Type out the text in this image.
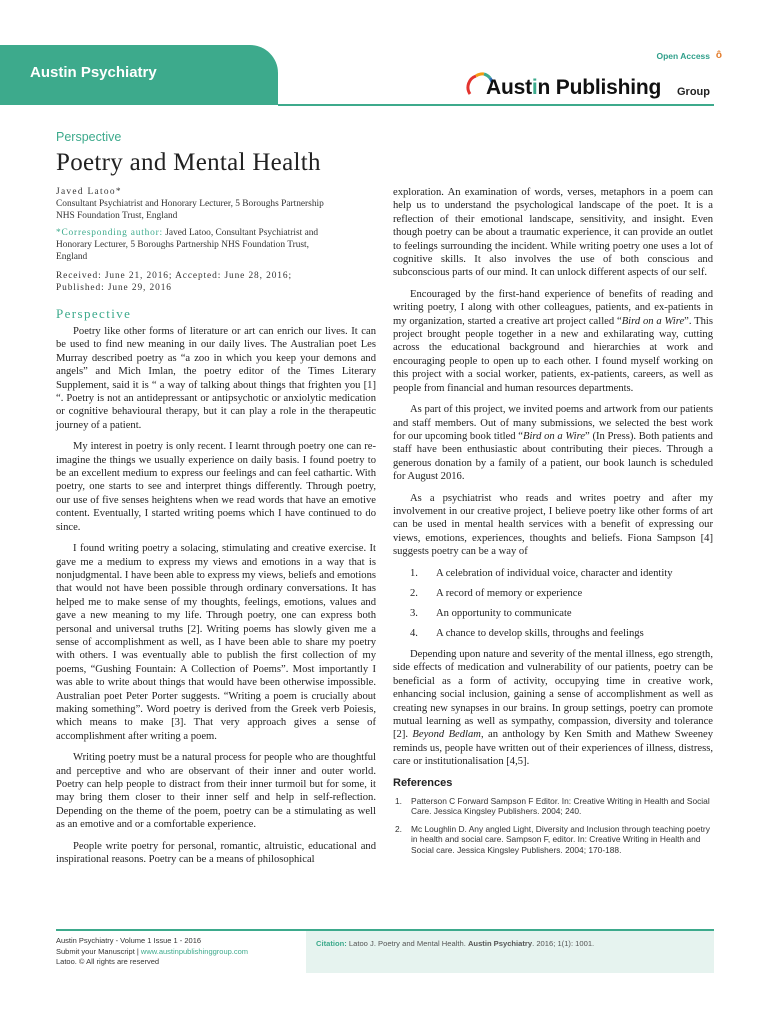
Austin Psychiatry
Open Access ô
Austin Publishing Group
Perspective
Poetry and Mental Health
Javed Latoo*
Consultant Psychiatrist and Honorary Lecturer, 5 Boroughs Partnership NHS Foundation Trust, England
*Corresponding author: Javed Latoo, Consultant Psychiatrist and Honorary Lecturer, 5 Boroughs Partnership NHS Foundation Trust, England
Received: June 21, 2016; Accepted: June 28, 2016; Published: June 29, 2016
Perspective

Poetry like other forms of literature or art can enrich our lives. It can be used to find new meaning in our daily lives. The Australian poet Les Murray described poetry as “a zoo in which you keep your demons and angels” and Mich Imlan, the poetry editor of the Times Literary Supplement, said it is “ a way of talking about things that frighten you [1] “. Poetry is not an antidepressant or antipsychotic or anxiolytic medication or cognitive behavioural therapy, but it can play a role in the therapeutic journey of a patient.

My interest in poetry is only recent. I learnt through poetry one can re-imagine the things we usually experience on daily basis. I found poetry to be an excellent medium to express our feelings and can feel cathartic. With poetry, one starts to see and interpret things differently. Through poetry, our use of five senses heightens when we read words that have an emotive content. Eventually, I started writing poems which I have continued to do since.

I found writing poetry a solacing, stimulating and creative exercise. It gave me a medium to express my views and emotions in a way that is nonjudgmental. I have been able to express my views, beliefs and emotions that would not have been possible through ordinary conversations. It has helped me to make sense of my thoughts, feelings, emotions, values and gave a new meaning to my life. Through poetry, one can express both personal and universal truths [2]. Writing poems has slowly given me a sense of accomplishment as well, as I have been able to share my poetry with others. I was eventually able to publish the first collection of my poems, “Gushing Fountain: A Collection of Poems”. Most importantly I was able to write about things that would have been otherwise impossible. Australian poet Peter Porter suggests. “Writing a poem is crucially about making something”. Word poetry is derived from the Greek verb Poiesis, which means to make [3]. That very approach gives a sense of accomplishment after writing a poem.

Writing poetry must be a natural process for people who are thoughtful and perceptive and who are observant of their inner and outer world. Poetry can help people to distract from their inner turmoil but for some, it may bring them closer to their inner self and help in self-reflection. Depending on the theme of the poem, poetry can be a stimulating as well as an emotive and or a comfortable experience.

People write poetry for personal, romantic, altruistic, educational and inspirational reasons. Poetry can be a means of philosophical

exploration. An examination of words, verses, metaphors in a poem can help us to understand the psychological landscape of the poet. It is a reflection of their emotional landscape, sensitivity, and insight. Even though poetry can be about a traumatic experience, it can provide an outlet to feelings surrounding the incident. While writing poetry one uses a lot of cognitive skills. It also involves the use of both conscious and subconscious parts of our mind. It can unlock different aspects of our self.

Encouraged by the first-hand experience of benefits of reading and writing poetry, I along with other colleagues, patients, and ex-patients in my organization, started a creative art project called “Bird on a Wire”. This project brought people together in a new and exhilarating way, cutting across the educational background and hierarchies at work and encouraging people to open up to each other. I found myself working on this project with a social worker, patients, ex-patients, careers, as well as people from financial and human resources departments.

As part of this project, we invited poems and artwork from our patients and staff members. Out of many submissions, we selected the best work for our upcoming book titled “Bird on a Wire” (In Press). Both patients and staff have been enthusiastic about contributing their pieces. Through a generous donation by a family of a patient, our book launch is scheduled for August 2016.

As a psychiatrist who reads and writes poetry and after my involvement in our creative project, I believe poetry like other forms of art can be used in mental health services with a benefit of expressing our views, emotions, experiences, thoughts and beliefs. Fiona Sampson [4] suggests poetry can be a way of

1.	A celebration of individual voice, character and identity
2.	A record of memory or experience
3.	An opportunity to communicate
4.	A chance to develop skills, throughs and feelings

Depending upon nature and severity of the mental illness, ego strength, side effects of medication and vulnerability of our patients, poetry can be beneficial as a form of activity, occupying time in creative work, enhancing social inclusion, gaining a sense of accomplishment as well as creating new synapses in our brains. In group settings, poetry can promote mutual learning as well as sympathy, compassion, diversity and tolerance [2]. Beyond Bedlam, an anthology by Ken Smith and Mathew Sweeney reminds us, people have written out of their experiences of illness, distress, care or institutionalisation [4,5].

References
1.	Patterson C Forward Sampson F Editor. In: Creative Writing in Health and Social Care. Jessica Kingsley Publishers. 2004; 240.
2.	Mc Loughlin D. Any angled Light, Diversity and Inclusion through teaching poetry in health and social care. Sampson F, editor. In: Creative Writing in Health and Social care. Jessica Kingsley Publishers. 2004; 170-188.
Austin Psychiatry - Volume 1 Issue 1 - 2016
Submit your Manuscript | www.austinpublishinggroup.com
Latoo. © All rights are reserved
Citation: Latoo J. Poetry and Mental Health. Austin Psychiatry. 2016; 1(1): 1001.
